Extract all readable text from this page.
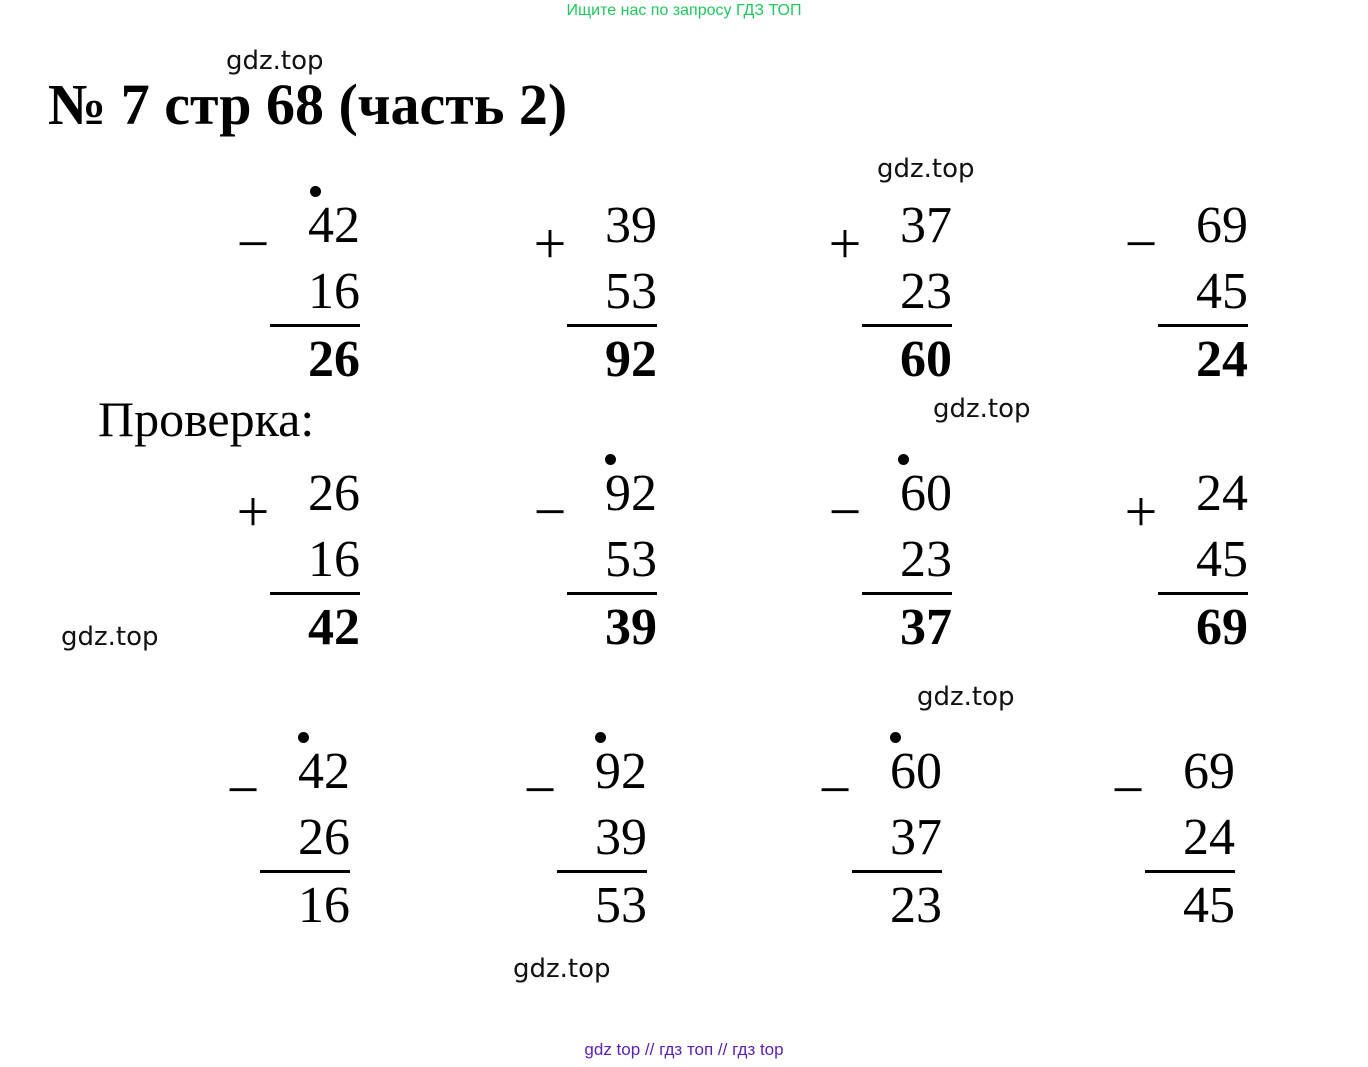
Ищите нас по запросу ГДЗ ТОП
gdz.top
№ 7 стр 68 (часть 2)
gdz.top
− 42
16
26
+ 39
53
92
+ 37
23
60
− 69
45
24
Проверка:	gdz.top
+ 26
16
42
− 92
53
39
− 60
23
37
+ 24
45
69
gdz.top
gdz.top
− 42
26
16
− 92
39
53
− 60
37
23
− 69
24
45
gdz.top
gdz top // гдз топ // гдз top
